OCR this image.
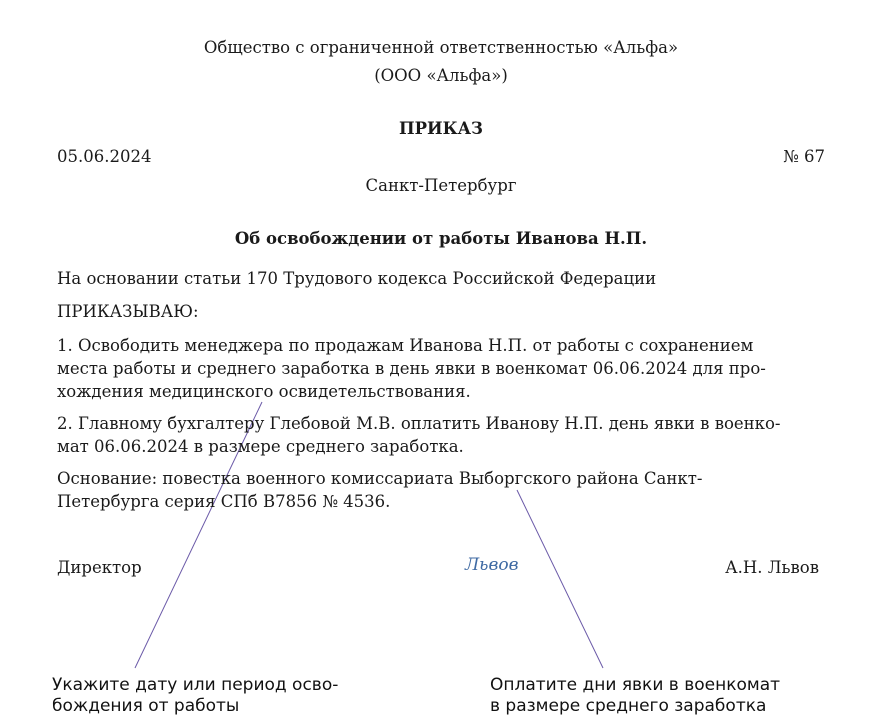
Общество с ограниченной ответственностью «Альфа»

(ООО «Альфа»)

ПРИКАЗ

05.06.2024	№ 67

Санкт-Петербург

Об освобождении от работы Иванова Н.П.

На основании статьи 170 Трудового кодекса Российской Федерации

ПРИКАЗЫВАЮ:

1. Освободить менеджера по продажам Иванова Н.П. от работы с сохранением
места работы и среднего заработка в день явки в военкомат 06.06.2024 для про-
хождения медицинского освидетельствования.
2. Главному бухгалтеру Глебовой М.В. оплатить Иванову Н.П. день явки в военко-
мат 06.06.2024 в размере среднего заработка.
Основание: повестка военного комиссариата Выборгского района Санкт-
Петербурга серия СПб В7856 № 4536.

Директор	Львов	А.Н. Львов

Укажите дату или период осво-
бождения от работы
Оплатите дни явки в военкомат
в размере среднего заработка
